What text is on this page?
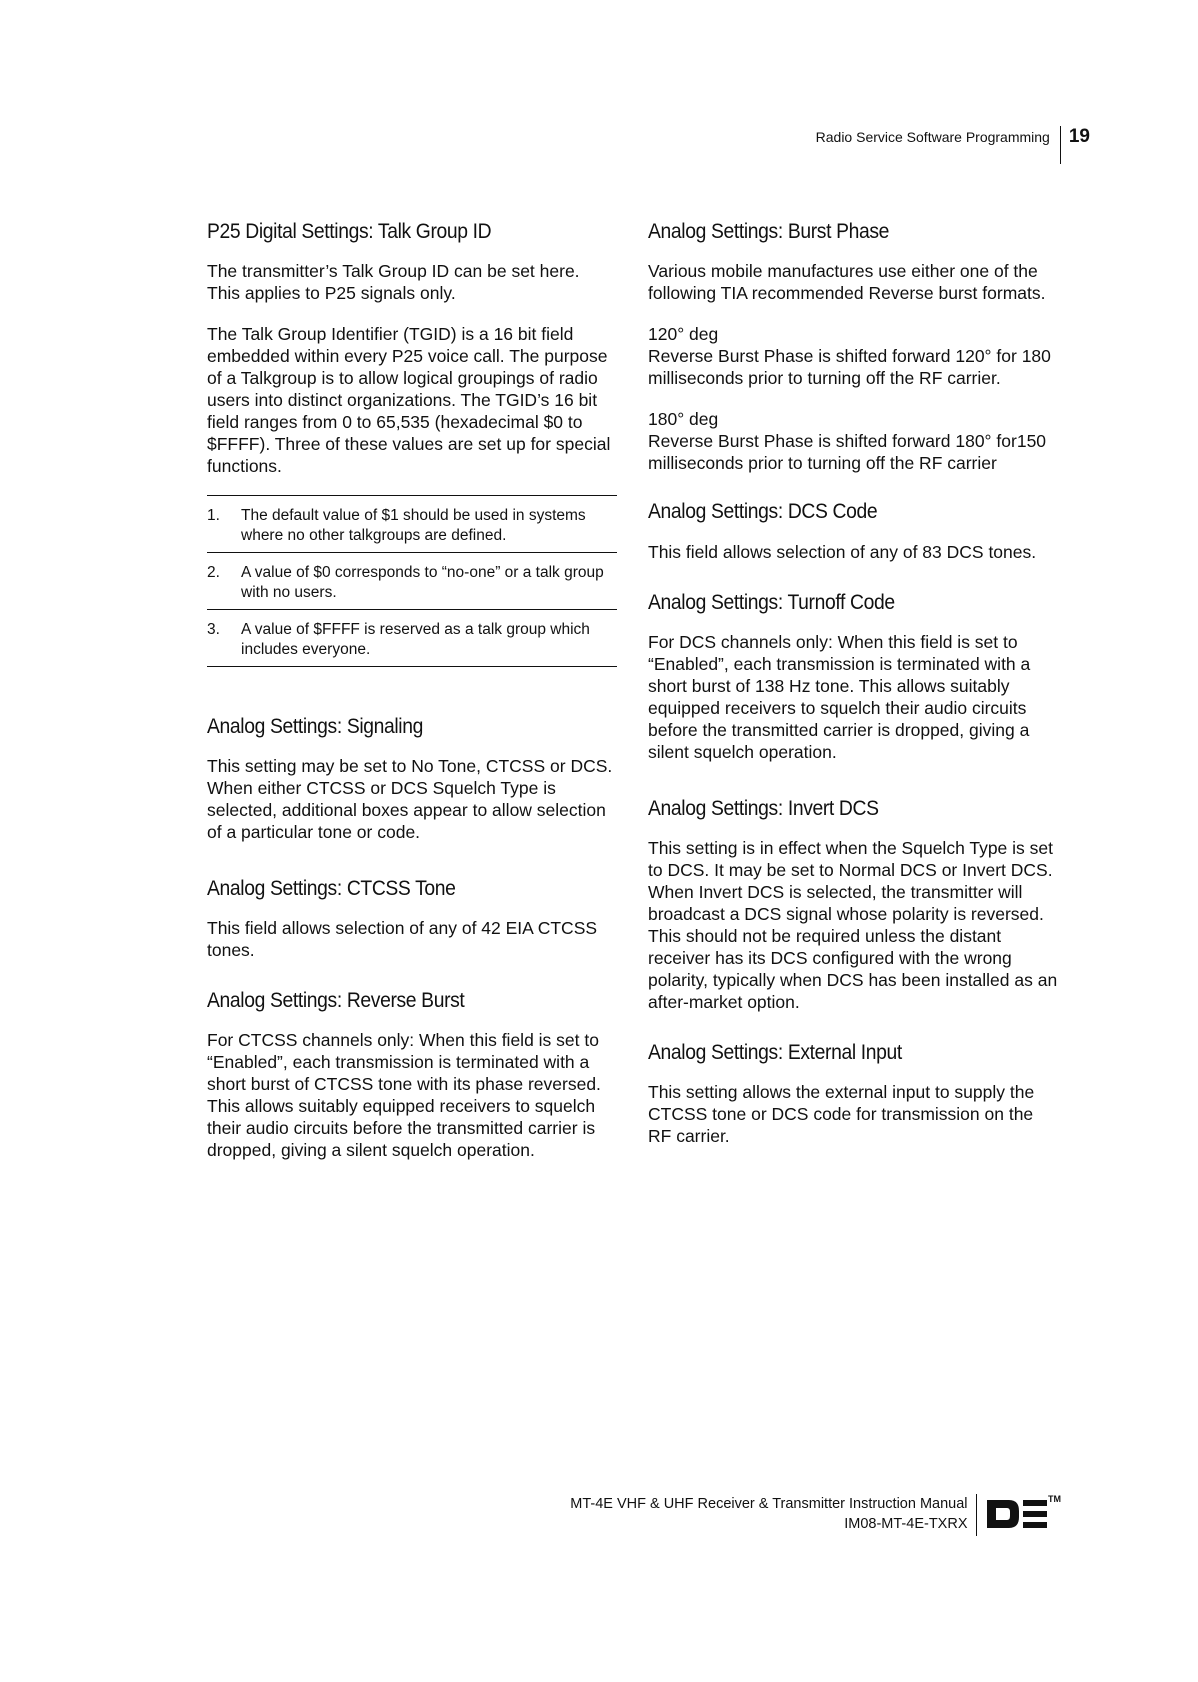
Radio Service Software Programming 19
P25 Digital Settings: Talk Group ID

The transmitter’s Talk Group ID can be set here. This applies to P25 signals only.

The Talk Group Identifier (TGID) is a 16 bit field embedded within every P25 voice call. The purpose of a Talkgroup is to allow logical groupings of radio users into distinct organizations. The TGID’s 16 bit field ranges from 0 to 65,535 (hexadecimal $0 to $FFFF). Three of these values are set up for special functions.

1.	The default value of $1 should be used in systems where no other talkgroups are defined.
2.	A value of $0 corresponds to “no-one” or a talk group with no users.
3.	A value of $FFFF is reserved as a talk group which includes everyone.
Analog Settings: Signaling

This setting may be set to No Tone, CTCSS or DCS. When either CTCSS or DCS Squelch Type is selected, additional boxes appear to allow selection of a particular tone or code.

Analog Settings: CTCSS Tone

This field allows selection of any of 42 EIA CTCSS tones.

Analog Settings: Reverse Burst

For CTCSS channels only: When this field is set to “Enabled”, each transmission is terminated with a short burst of CTCSS tone with its phase reversed. This allows suitably equipped receivers to squelch their audio circuits before the transmitted carrier is dropped, giving a silent squelch operation.

Analog Settings: Burst Phase

Various mobile manufactures use either one of the following TIA recommended Reverse burst formats.

120° deg

Reverse Burst Phase is shifted forward 120° for 180 milliseconds prior to turning off the RF carrier.

180° deg

Reverse Burst Phase is shifted forward 180° for150 milliseconds prior to turning off the RF carrier

Analog Settings: DCS Code

This field allows selection of any of 83 DCS tones.

Analog Settings: Turnoff Code

For DCS channels only: When this field is set to “Enabled”, each transmission is terminated with a short burst of 138 Hz tone. This allows suitably equipped receivers to squelch their audio circuits before the transmitted carrier is dropped, giving a silent squelch operation.

Analog Settings: Invert DCS

This setting is in effect when the Squelch Type is set to DCS. It may be set to Normal DCS or Invert DCS. When Invert DCS is selected, the transmitter will broadcast a DCS signal whose polarity is reversed. This should not be required unless the distant receiver has its DCS configured with the wrong polarity, typically when DCS has been installed as an after-market option.

Analog Settings: External Input

This setting allows the external input to supply the CTCSS tone or DCS code for transmission on the RF carrier.

MT-4E VHF & UHF Receiver & Transmitter Instruction Manual
IM08-MT-4E-TXRX
TM
